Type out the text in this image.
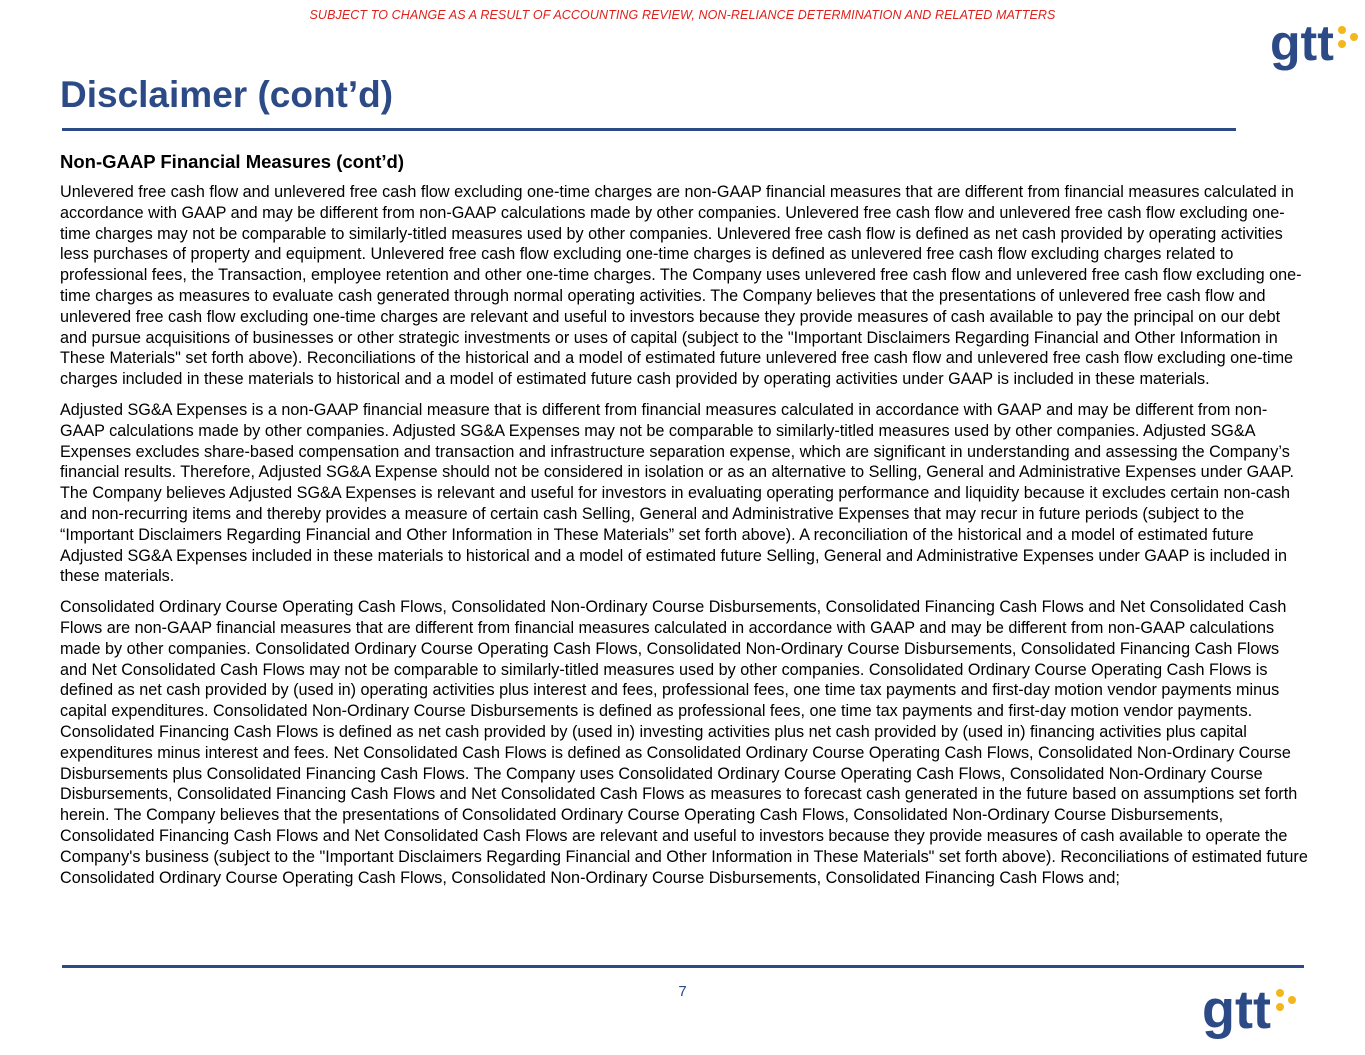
SUBJECT TO CHANGE AS A RESULT OF ACCOUNTING REVIEW, NON-RELIANCE DETERMINATION AND RELATED MATTERS	gtt
Disclaimer (cont’d)
Non-GAAP Financial Measures (cont’d)

Unlevered free cash flow and unlevered free cash flow excluding one-time charges are non-GAAP financial measures that are different from financial measures calculated in accordance with GAAP and may be different from non-GAAP calculations made by other companies. Unlevered free cash flow and unlevered free cash flow excluding one-time charges may not be comparable to similarly-titled measures used by other companies. Unlevered free cash flow is defined as net cash provided by operating activities less purchases of property and equipment. Unlevered free cash flow excluding one-time charges is defined as unlevered free cash flow excluding charges related to professional fees, the Transaction, employee retention and other one-time charges. The Company uses unlevered free cash flow and unlevered free cash flow excluding one-time charges as measures to evaluate cash generated through normal operating activities. The Company believes that the presentations of unlevered free cash flow and unlevered free cash flow excluding one-time charges are relevant and useful to investors because they provide measures of cash available to pay the principal on our debt and pursue acquisitions of businesses or other strategic investments or uses of capital (subject to the "Important Disclaimers Regarding Financial and Other Information in These Materials" set forth above). Reconciliations of the historical and a model of estimated future unlevered free cash flow and unlevered free cash flow excluding one-time charges included in these materials to historical and a model of estimated future cash provided by operating activities under GAAP is included in these materials.

Adjusted SG&A Expenses is a non-GAAP financial measure that is different from financial measures calculated in accordance with GAAP and may be different from non-GAAP calculations made by other companies. Adjusted SG&A Expenses may not be comparable to similarly-titled measures used by other companies. Adjusted SG&A Expenses excludes share-based compensation and transaction and infrastructure separation expense, which are significant in understanding and assessing the Company’s financial results. Therefore, Adjusted SG&A Expense should not be considered in isolation or as an alternative to Selling, General and Administrative Expenses under GAAP. The Company believes Adjusted SG&A Expenses is relevant and useful for investors in evaluating operating performance and liquidity because it excludes certain non-cash and non-recurring items and thereby provides a measure of certain cash Selling, General and Administrative Expenses that may recur in future periods (subject to the “Important Disclaimers Regarding Financial and Other Information in These Materials” set forth above). A reconciliation of the historical and a model of estimated future Adjusted SG&A Expenses included in these materials to historical and a model of estimated future Selling, General and Administrative Expenses under GAAP is included in these materials.

Consolidated Ordinary Course Operating Cash Flows, Consolidated Non-Ordinary Course Disbursements, Consolidated Financing Cash Flows and Net Consolidated Cash Flows are non-GAAP financial measures that are different from financial measures calculated in accordance with GAAP and may be different from non-GAAP calculations made by other companies. Consolidated Ordinary Course Operating Cash Flows, Consolidated Non-Ordinary Course Disbursements, Consolidated Financing Cash Flows and Net Consolidated Cash Flows may not be comparable to similarly-titled measures used by other companies. Consolidated Ordinary Course Operating Cash Flows is defined as net cash provided by (used in) operating activities plus interest and fees, professional fees, one time tax payments and first-day motion vendor payments minus capital expenditures. Consolidated Non-Ordinary Course Disbursements is defined as professional fees, one time tax payments and first-day motion vendor payments. Consolidated Financing Cash Flows is defined as net cash provided by (used in) investing activities plus net cash provided by (used in) financing activities plus capital expenditures minus interest and fees. Net Consolidated Cash Flows is defined as Consolidated Ordinary Course Operating Cash Flows, Consolidated Non-Ordinary Course Disbursements plus Consolidated Financing Cash Flows. The Company uses Consolidated Ordinary Course Operating Cash Flows, Consolidated Non-Ordinary Course Disbursements, Consolidated Financing Cash Flows and Net Consolidated Cash Flows as measures to forecast cash generated in the future based on assumptions set forth herein. The Company believes that the presentations of Consolidated Ordinary Course Operating Cash Flows, Consolidated Non-Ordinary Course Disbursements, Consolidated Financing Cash Flows and Net Consolidated Cash Flows are relevant and useful to investors because they provide measures of cash available to operate the Company's business (subject to the "Important Disclaimers Regarding Financial and Other Information in These Materials" set forth above). Reconciliations of estimated future Consolidated Ordinary Course Operating Cash Flows, Consolidated Non-Ordinary Course Disbursements, Consolidated Financing Cash Flows and;

7	gtt
